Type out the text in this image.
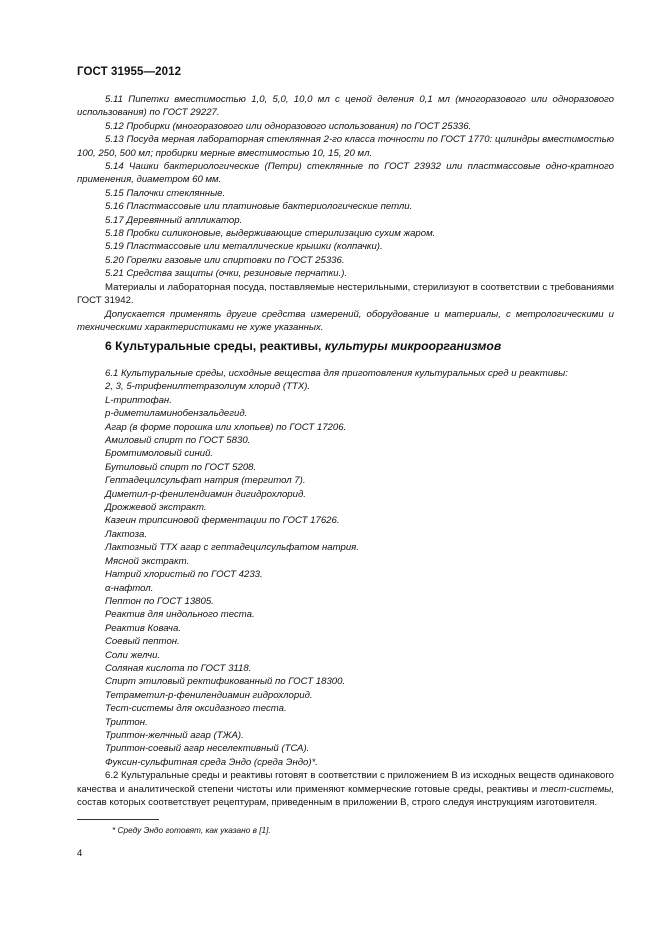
ГОСТ 31955—2012

5.11 Пипетки вместимостью 1,0, 5,0, 10,0 мл с ценой деления 0,1 мл (многоразового или одноразового использования) по ГОСТ 29227.

5.12 Пробирки (многоразового или одноразового использования) по ГОСТ 25336.

5.13 Посуда мерная лабораторная стеклянная 2-го класса точности по ГОСТ 1770: цилиндры вместимостью 100, 250, 500 мл; пробирки мерные вместимостью 10, 15, 20 мл.

5.14 Чашки бактериологические (Петри) стеклянные по ГОСТ 23932 или пластмассовые одно-кратного применения, диаметром 60 мм.

5.15 Палочки стеклянные.

5.16 Пластмассовые или платиновые бактериологические петли.

5.17 Деревянный аппликатор.

5.18 Пробки силиконовые, выдерживающие стерилизацию сухим жаром.

5.19 Пластмассовые или металлические крышки (колпачки).

5.20 Горелки газовые или спиртовки по ГОСТ 25336.

5.21 Средства защиты (очки, резиновые перчатки.).

Материалы и лабораторная посуда, поставляемые нестерильными, стерилизуют в соответствии с требованиями ГОСТ 31942.

Допускается применять другие средства измерений, оборудование и материалы, с метрологическими и техническими характеристиками не хуже указанных.

6 Культуральные среды, реактивы, культуры микроорганизмов

6.1 Культуральные среды, исходные вещества для приготовления культуральных сред и реактивы:

2, 3, 5-трифенилтетразолиум хлорид (ТТХ).

L-триптофан.

р-диметиламинобензальдегид.

Агар (в форме порошка или хлопьев) по ГОСТ 17206.

Амиловый спирт по ГОСТ 5830.

Бромтимоловый синий.

Бутиловый спирт по ГОСТ 5208.

Гептадецилсульфат натрия (тергитол 7).

Диметил-р-фенилендиамин дигидрохлорид.

Дрожжевой экстракт.

Казеин трипсиновой ферментации по ГОСТ 17626.

Лактоза.

Лактозный ТТХ агар с гептадецилсульфатом натрия.

Мясной экстракт.

Натрий хлористый по ГОСТ 4233.

α-нафтол.

Пептон по ГОСТ 13805.

Реактив для индольного теста.

Реактив Ковача.

Соевый пептон.

Соли желчи.

Соляная кислота по ГОСТ 3118.

Спирт этиловый ректификованный по ГОСТ 18300.

Тетраметил-р-фенилендиамин гидрохлорид.

Тест-системы для оксидазного теста.

Триптон.

Триптон-желчный агар (ТЖА).

Триптон-соевый агар неселективный (ТСА).

Фуксин-сульфитная среда Эндо (среда Эндо)*.

6.2 Культуральные среды и реактивы готовят в соответствии с приложением В из исходных веществ одинакового качества и аналитической степени чистоты или применяют коммерческие готовые среды, реактивы и тест-системы, состав которых соответствует рецептурам, приведенным в приложении В, строго следуя инструкциям изготовителя.

* Среду Эндо готовят, как указано в [1].
4
